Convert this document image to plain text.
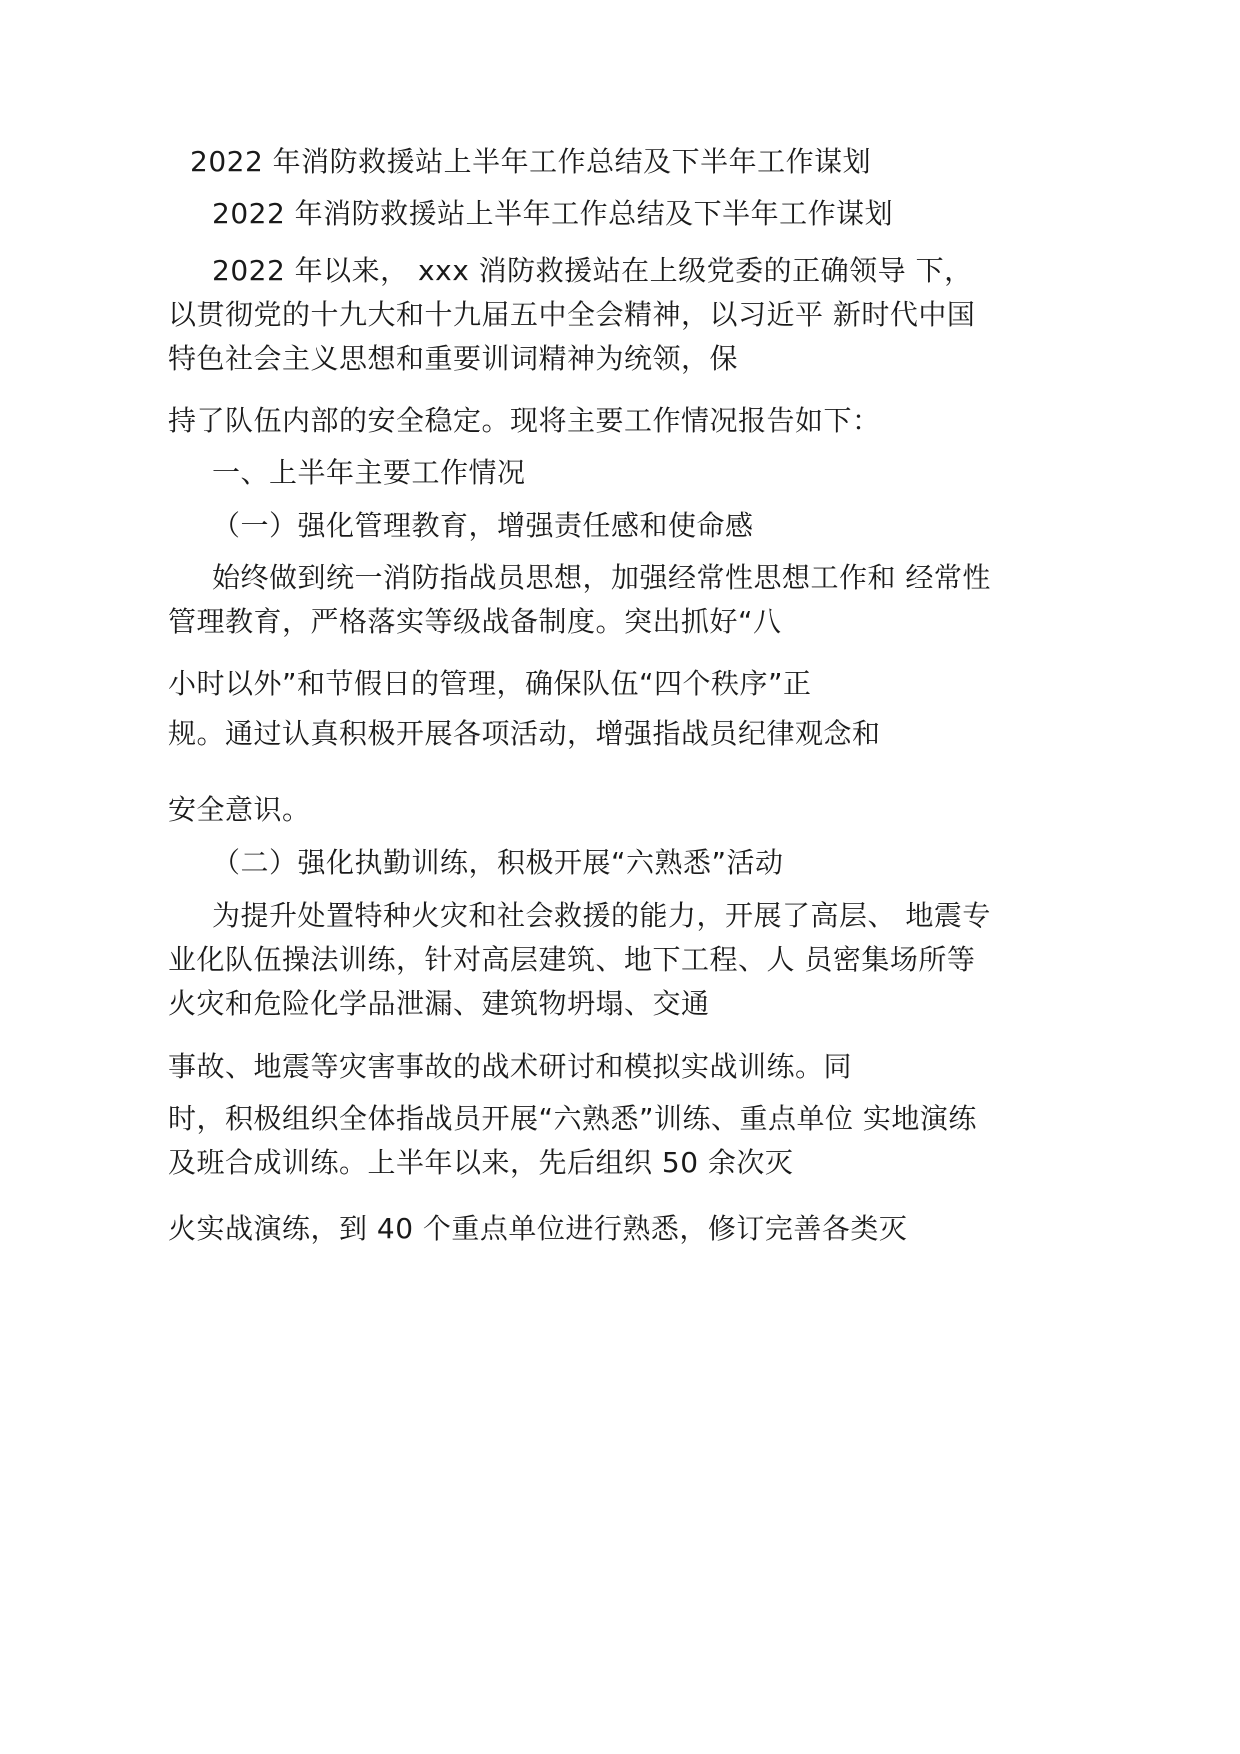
2022 年消防救援站上半年工作总结及下半年工作谋划

2022 年消防救援站上半年工作总结及下半年工作谋划

2022 年以来， xxx 消防救援站在上级党委的正确领导 下，

以贯彻党的十九大和十九届五中全会精神，以习近平 新时代中国

特色社会主义思想和重要训词精神为统领，保

持了队伍内部的安全稳定。现将主要工作情况报告如下：

一、上半年主要工作情况

（一）强化管理教育，增强责任感和使命感

始终做到统一消防指战员思想，加强经常性思想工作和 经常性

管理教育，严格落实等级战备制度。突出抓好“八

小时以外”和节假日的管理，确保队伍“四个秩序”正

规。通过认真积极开展各项活动，增强指战员纪律观念和

安全意识。

（二）强化执勤训练，积极开展“六熟悉”活动

为提升处置特种火灾和社会救援的能力，开展了高层、 地震专

业化队伍操法训练，针对高层建筑、地下工程、人 员密集场所等

火灾和危险化学品泄漏、建筑物坍塌、交通

事故、地震等灾害事故的战术研讨和模拟实战训练。同

时，积极组织全体指战员开展“六熟悉”训练、重点单位 实地演练

及班合成训练。上半年以来，先后组织 50 余次灭

火实战演练，到 40 个重点单位进行熟悉，修订完善各类灭
